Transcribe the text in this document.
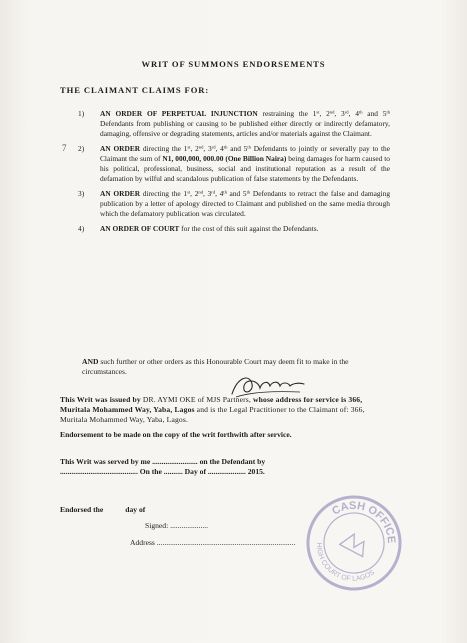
WRIT OF SUMMONS ENDORSEMENTS
THE CLAIMANT CLAIMS FOR:
7
1) AN ORDER OF PERPETUAL INJUNCTION restraining the 1st, 2nd, 3rd, 4th and 5th Defendants from publishing or causing to be published either directly or indirectly defamatory, damaging, offensive or degrading statements, articles and/or materials against the Claimant.
2) AN ORDER directing the 1st, 2nd, 3rd, 4th and 5th Defendants to jointly or severally pay to the Claimant the sum of N1, 000,000, 000.00 (One Billion Naira) being damages for harm caused to his political, professional, business, social and institutional reputation as a result of the defamation by wilful and scandalous publication of false statements by the Defendants.
3) AN ORDER directing the 1st, 2nd, 3rd, 4th and 5th Defendants to retract the false and damaging publication by a letter of apology directed to Claimant and published on the same media through which the defamatory publication was circulated.
4) AN ORDER OF COURT for the cost of this suit against the Defendants.
AND such further or other orders as this Honourable Court may deem fit to make in the circumstances.
This Writ was issued by DR. AYMI OKE of MJS Partners, whose address for service is 366, Muritala Mohammed Way, Yaba, Lagos and is the Legal Practitioner to the Claimant of: 366, Muritala Mohammed Way, Yaba, Lagos.
Endorsement to be made on the copy of the writ forthwith after service.
This Writ was served by me ........................ on the Defendant by
......................................... On the .......... Day of .................... 2015.
Endorsed the	day of
Signed: ....................
Address .........................................................................
CASH OFFICE
HIGH COURT OF LAGOS
